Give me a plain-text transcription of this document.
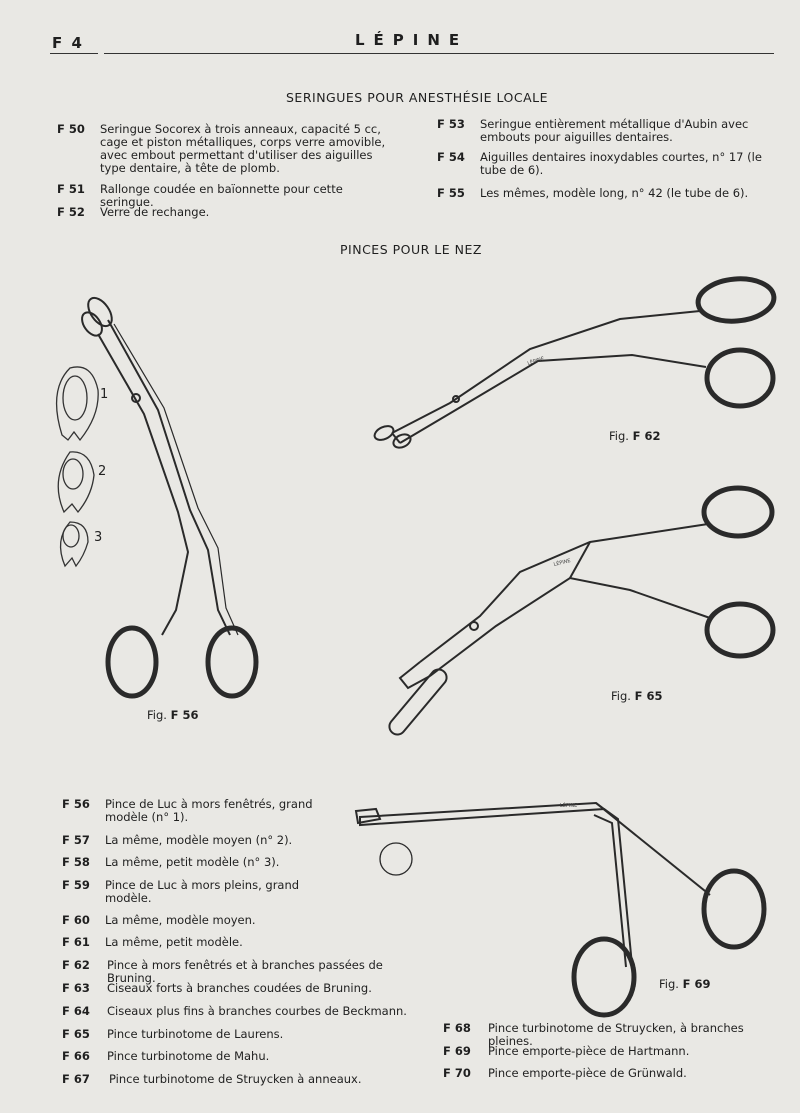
F 4	LÉPINE
SERINGUES POUR ANESTHÉSIE LOCALE
F 50 Seringue Socorex à trois anneaux, capacité 5 cc, cage et piston métalliques, corps verre amovible, avec embout permettant d'utiliser des aiguilles type dentaire, à tête de plomb.
F 51 Rallonge coudée en baïonnette pour cette seringue.
F 52 Verre de rechange.
F 53 Seringue entièrement métallique d'Aubin avec embouts pour aiguilles dentaires.
F 54 Aiguilles dentaires inoxydables courtes, n° 17 (le tube de 6).
F 55 Les mêmes, modèle long, n° 42 (le tube de 6).
PINCES POUR LE NEZ
1
2
3
Fig. F 56
LÉPINE
Fig. F 62
LÉPINE
Fig. F 65
LÉPINE
Fig. F 69
F 56 Pince de Luc à mors fenêtrés, grand modèle (n° 1).
F 57 La même, modèle moyen (n° 2).
F 58 La même, petit modèle (n° 3).
F 59 Pince de Luc à mors pleins, grand modèle.
F 60 La même, modèle moyen.
F 61 La même, petit modèle.
F 62 Pince à mors fenêtrés et à branches passées de Bruning.
F 63 Ciseaux forts à branches coudées de Bruning.
F 64 Ciseaux plus fins à branches courbes de Beckmann.
F 65 Pince turbinotome de Laurens.
F 66 Pince turbinotome de Mahu.
F 67 Pince turbinotome de Struycken à anneaux.
F 68 Pince turbinotome de Struycken, à branches pleines.
F 69 Pince emporte-pièce de Hartmann.
F 70 Pince emporte-pièce de Grünwald.
